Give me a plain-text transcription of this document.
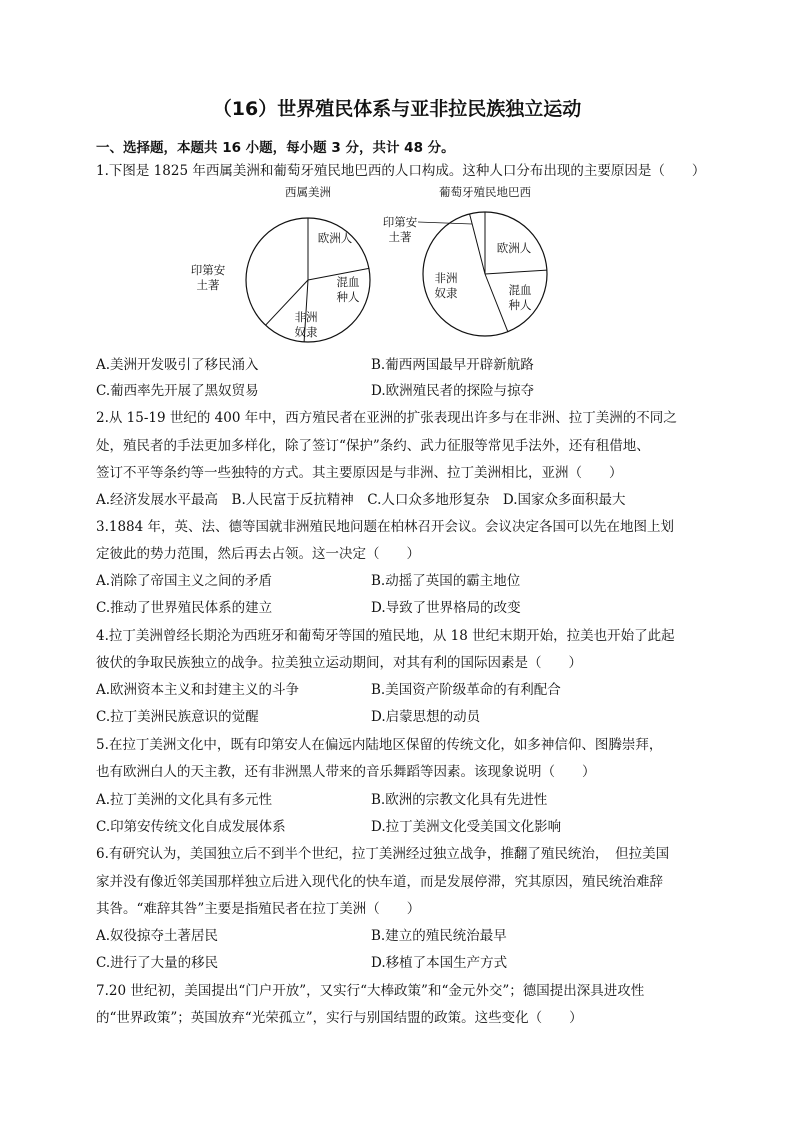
（16）世界殖民体系与亚非拉民族独立运动
一、选择题，本题共 16 小题，每小题 3 分，共计 48 分。
1.下图是 1825 年西属美洲和葡萄牙殖民地巴西的人口构成。这种人口分布出现的主要原因是（　　）
西属美洲
欧洲人
混血种人
非洲奴隶
印第安土著
葡萄牙殖民地巴西
欧洲人
混血种人
非洲奴隶
印第安土著
A.美洲开发吸引了移民涌入	B.葡西两国最早开辟新航路
C.葡西率先开展了黑奴贸易	D.欧洲殖民者的探险与掠夺
2.从 15-19 世纪的 400 年中，西方殖民者在亚洲的扩张表现出许多与在非洲、拉丁美洲的不同之
处，殖民者的手法更加多样化，除了签订“保护”条约、武力征服等常见手法外，还有租借地、
签订不平等条约等一些独特的方式。其主要原因是与非洲、拉丁美洲相比，亚洲（　　）
A.经济发展水平最高　B.人民富于反抗精神　C.人口众多地形复杂　D.国家众多面积最大
3.1884 年，英、法、德等国就非洲殖民地问题在柏林召开会议。会议决定各国可以先在地图上划
定彼此的势力范围，然后再去占领。这一决定（　　）
A.消除了帝国主义之间的矛盾	B.动摇了英国的霸主地位
C.推动了世界殖民体系的建立	D.导致了世界格局的改变
4.拉丁美洲曾经长期沦为西班牙和葡萄牙等国的殖民地，从 18 世纪末期开始，拉美也开始了此起
彼伏的争取民族独立的战争。拉美独立运动期间，对其有利的国际因素是（　　）
A.欧洲资本主义和封建主义的斗争	B.美国资产阶级革命的有利配合
C.拉丁美洲民族意识的觉醒	D.启蒙思想的动员
5.在拉丁美洲文化中，既有印第安人在偏远内陆地区保留的传统文化，如多神信仰、图腾崇拜，
也有欧洲白人的天主教，还有非洲黑人带来的音乐舞蹈等因素。该现象说明（　　）
A.拉丁美洲的文化具有多元性	B.欧洲的宗教文化具有先进性
C.印第安传统文化自成发展体系	D.拉丁美洲文化受美国文化影响
6.有研究认为，美国独立后不到半个世纪，拉丁美洲经过独立战争，推翻了殖民统治，　但拉美国
家并没有像近邻美国那样独立后进入现代化的快车道，而是发展停滞，究其原因，殖民统治难辞
其咎。“难辞其咎”主要是指殖民者在拉丁美洲（　　）
A.奴役掠夺土著居民	B.建立的殖民统治最早
C.进行了大量的移民	D.移植了本国生产方式
7.20 世纪初，美国提出“门户开放”，又实行“大棒政策”和“金元外交”；德国提出深具进攻性
的“世界政策”；英国放弃“光荣孤立”，实行与别国结盟的政策。这些变化（　　）
